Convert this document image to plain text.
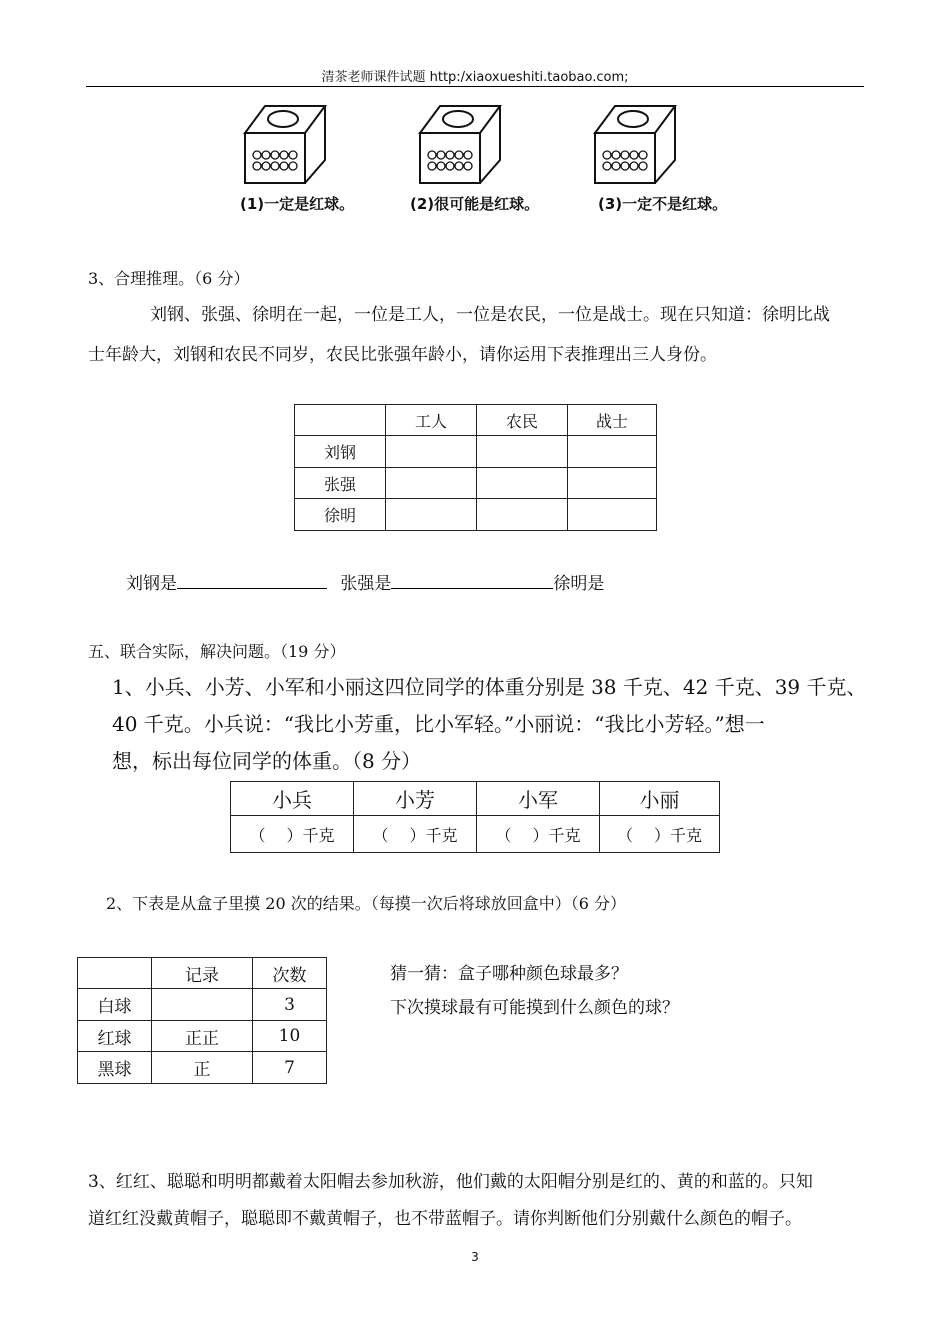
清茶老师课件试题 http:/xiaoxueshiti.taobao.com;
(1)一定是红球。	(2)很可能是红球。	(3)一定不是红球。
3、合理推理。（6 分）
刘钢、张强、徐明在一起，一位是工人，一位是农民，一位是战士。现在只知道：徐明比战
士年龄大，刘钢和农民不同岁，农民比张强年龄小，请你运用下表推理出三人身份。
	工人	农民	战士
刘钢			
张强			
徐明			
刘钢是	张强是	徐明是
五、联合实际，解决问题。（19 分）
1、小兵、小芳、小军和小丽这四位同学的体重分别是 38 千克、42 千克、39 千克、
40 千克。小兵说：“我比小芳重，比小军轻。”小丽说：“我比小芳轻。”想一
想，标出每位同学的体重。（8 分）
小兵	小芳	小军	小丽
（　 ）千克	（　 ）千克	（　 ）千克	（　 ）千克
2、下表是从盒子里摸 20 次的结果。（每摸一次后将球放回盒中）（6 分）
	记录	次数
白球		3
红球	正正	10
黑球	正	7
猜一猜：盒子哪种颜色球最多？
下次摸球最有可能摸到什么颜色的球？
3、红红、聪聪和明明都戴着太阳帽去参加秋游，他们戴的太阳帽分别是红的、黄的和蓝的。只知
道红红没戴黄帽子，聪聪即不戴黄帽子，也不带蓝帽子。请你判断他们分别戴什么颜色的帽子。
3
